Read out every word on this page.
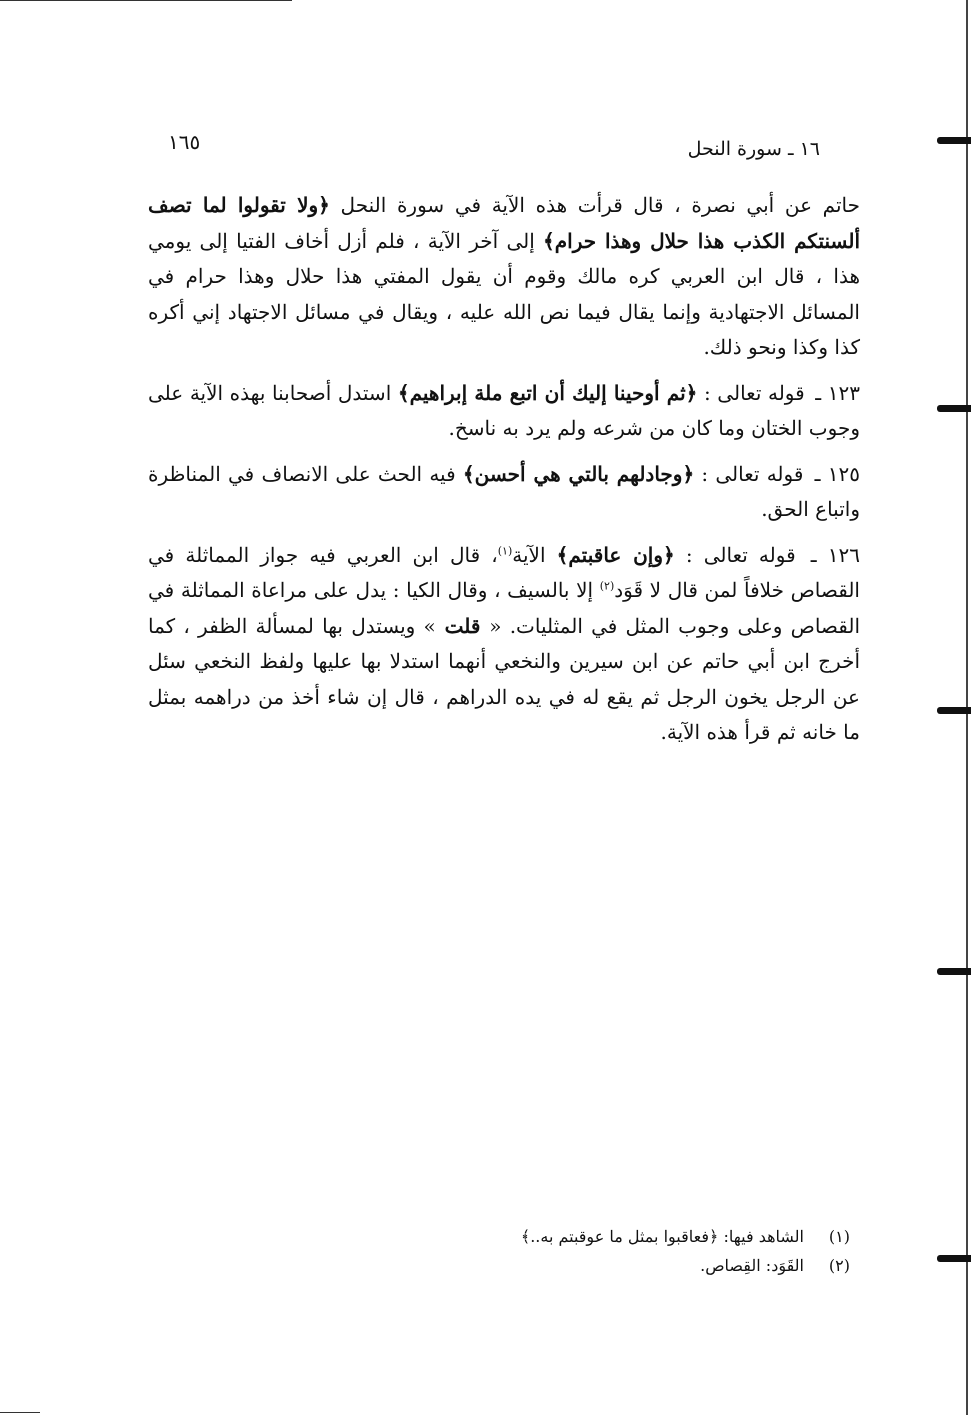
١٦ ـ سورة النحل
١٦٥

حاتم عن أبي نصرة ، قال قرأت هذه الآية في سورة النحل ﴿ولا تقولوا لما تصف ألسنتكم الكذب هذا حلال وهذا حرام﴾ إلى آخر الآية ، فلم أزل أخاف الفتيا إلى يومي هذا ، قال ابن العربي كره مالك وقوم أن يقول المفتي هذا حلال وهذا حرام في المسائل الاجتهادية وإنما يقال فيما نص الله عليه ، ويقال في مسائل الاجتهاد إني أكره كذا وكذا ونحو ذلك.

١٢٣ ـ قوله تعالى : ﴿ثم أوحينا إليك أن اتبع ملة إبراهيم﴾ استدل أصحابنا بهذه الآية على وجوب الختان وما كان من شرعه ولم يرد به ناسخ.

١٢٥ ـ قوله تعالى : ﴿وجادلهم بالتي هي أحسن﴾ فيه الحث على الانصاف في المناظرة واتباع الحق.

١٢٦ ـ قوله تعالى : ﴿وإن عاقبتم﴾ الآية$^{(١)}$، قال ابن العربي فيه جواز المماثلة في القصاص خلافاً لمن قال لا قَوَد$^{(٢)}$ إلا بالسيف ، وقال الكيا : يدل على مراعاة المماثلة في القصاص وعلى وجوب المثل في المثليات. « قلت » ويستدل بها لمسألة الظفر ، كما أخرج ابن أبي حاتم عن ابن سيرين والنخعي أنهما استدلا بها عليها ولفظ النخعي سئل عن الرجل يخون الرجل ثم يقع له في يده الدراهم ، قال إن شاء أخذ من دراهمه بمثل ما خانه ثم قرأ هذه الآية.

(١)الشاهد فيها: ﴿فعاقبوا بمثل ما عوقبتم به..﴾
(٢)القَوَد: القِصاص.
